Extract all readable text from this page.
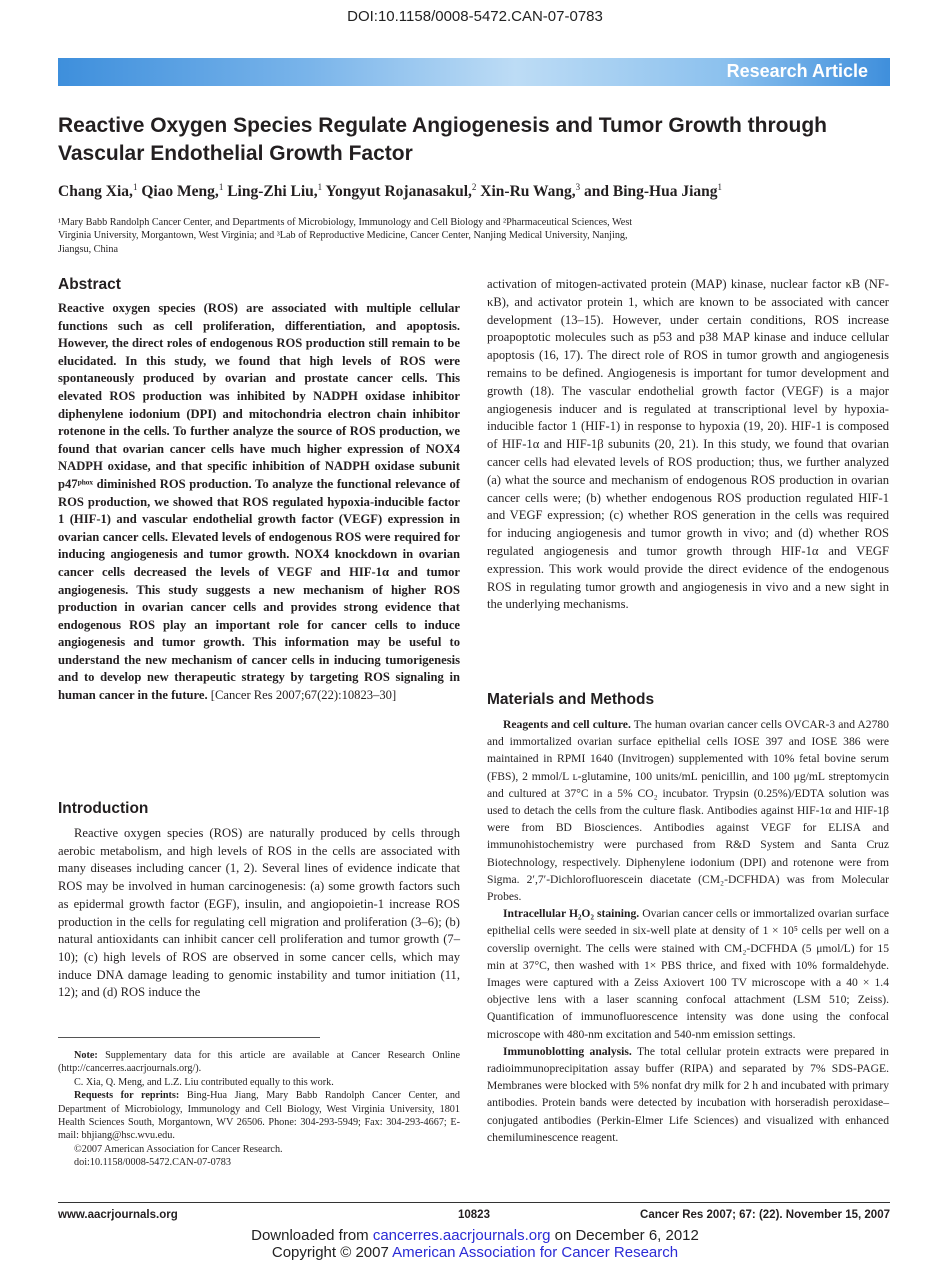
DOI:10.1158/0008-5472.CAN-07-0783
Research Article
Reactive Oxygen Species Regulate Angiogenesis and Tumor Growth through Vascular Endothelial Growth Factor
Chang Xia,$^1$ Qiao Meng,$^1$ Ling-Zhi Liu,$^1$ Yongyut Rojanasakul,$^2$ Xin-Ru Wang,$^3$ and Bing-Hua Jiang$^1$
¹Mary Babb Randolph Cancer Center, and Departments of Microbiology, Immunology and Cell Biology and ²Pharmaceutical Sciences, West Virginia University, Morgantown, West Virginia; and ³Lab of Reproductive Medicine, Cancer Center, Nanjing Medical University, Nanjing, Jiangsu, China
Abstract
Reactive oxygen species (ROS) are associated with multiple cellular functions such as cell proliferation, differentiation, and apoptosis. However, the direct roles of endogenous ROS production still remain to be elucidated. In this study, we found that high levels of ROS were spontaneously produced by ovarian and prostate cancer cells. This elevated ROS production was inhibited by NADPH oxidase inhibitor diphenylene iodonium (DPI) and mitochondria electron chain inhibitor rotenone in the cells. To further analyze the source of ROS production, we found that ovarian cancer cells have much higher expression of NOX4 NADPH oxidase, and that specific inhibition of NADPH oxidase subunit p47ᵖʰᵒˣ diminished ROS production. To analyze the functional relevance of ROS production, we showed that ROS regulated hypoxia-inducible factor 1 (HIF-1) and vascular endothelial growth factor (VEGF) expression in ovarian cancer cells. Elevated levels of endogenous ROS were required for inducing angiogenesis and tumor growth. NOX4 knockdown in ovarian cancer cells decreased the levels of VEGF and HIF-1α and tumor angiogenesis. This study suggests a new mechanism of higher ROS production in ovarian cancer cells and provides strong evidence that endogenous ROS play an important role for cancer cells to induce angiogenesis and tumor growth. This information may be useful to understand the new mechanism of cancer cells in inducing tumorigenesis and to develop new therapeutic strategy by targeting ROS signaling in human cancer in the future. [Cancer Res 2007;67(22):10823–30]
Introduction

Reactive oxygen species (ROS) are naturally produced by cells through aerobic metabolism, and high levels of ROS in the cells are associated with many diseases including cancer (1, 2). Several lines of evidence indicate that ROS may be involved in human carcinogenesis: (a) some growth factors such as epidermal growth factor (EGF), insulin, and angiopoietin-1 increase ROS production in the cells for regulating cell migration and proliferation (3–6); (b) natural antioxidants can inhibit cancer cell proliferation and tumor growth (7–10); (c) high levels of ROS are observed in some cancer cells, which may induce DNA damage leading to genomic instability and tumor initiation (11, 12); and (d) ROS induce the

Note: Supplementary data for this article are available at Cancer Research Online (http://cancerres.aacrjournals.org/).

C. Xia, Q. Meng, and L.Z. Liu contributed equally to this work.

Requests for reprints: Bing-Hua Jiang, Mary Babb Randolph Cancer Center, and Department of Microbiology, Immunology and Cell Biology, West Virginia University, 1801 Health Sciences South, Morgantown, WV 26506. Phone: 304-293-5949; Fax: 304-293-4667; E-mail: bhjiang@hsc.wvu.edu.

©2007 American Association for Cancer Research.

doi:10.1158/0008-5472.CAN-07-0783

activation of mitogen-activated protein (MAP) kinase, nuclear factor κB (NF-κB), and activator protein 1, which are known to be associated with cancer development (13–15). However, under certain conditions, ROS increase proapoptotic molecules such as p53 and p38 MAP kinase and induce cellular apoptosis (16, 17). The direct role of ROS in tumor growth and angiogenesis remains to be defined. Angiogenesis is important for tumor development and growth (18). The vascular endothelial growth factor (VEGF) is a major angiogenesis inducer and is regulated at transcriptional level by hypoxia-inducible factor 1 (HIF-1) in response to hypoxia (19, 20). HIF-1 is composed of HIF-1α and HIF-1β subunits (20, 21). In this study, we found that ovarian cancer cells had elevated levels of ROS production; thus, we further analyzed (a) what the source and mechanism of endogenous ROS production in ovarian cancer cells were; (b) whether endogenous ROS production regulated HIF-1 and VEGF expression; (c) whether ROS generation in the cells was required for inducing angiogenesis and tumor growth in vivo; and (d) whether ROS regulated angiogenesis and tumor growth through HIF-1α and VEGF expression. This work would provide the direct evidence of the endogenous ROS in regulating tumor growth and angiogenesis in vivo and a new sight in the underlying mechanisms.

Materials and Methods

Reagents and cell culture. The human ovarian cancer cells OVCAR-3 and A2780 and immortalized ovarian surface epithelial cells IOSE 397 and IOSE 386 were maintained in RPMI 1640 (Invitrogen) supplemented with 10% fetal bovine serum (FBS), 2 mmol/L ʟ-glutamine, 100 units/mL penicillin, and 100 μg/mL streptomycin and cultured at 37°C in a 5% CO₂ incubator. Trypsin (0.25%)/EDTA solution was used to detach the cells from the culture flask. Antibodies against HIF-1α and HIF-1β were from BD Biosciences. Antibodies against VEGF for ELISA and immunohistochemistry were purchased from R&D System and Santa Cruz Biotechnology, respectively. Diphenylene iodonium (DPI) and rotenone were from Sigma. 2′,7′-Dichlorofluorescein diacetate (CM₂-DCFHDA) was from Molecular Probes.

Intracellular H₂O₂ staining. Ovarian cancer cells or immortalized ovarian surface epithelial cells were seeded in six-well plate at density of 1 × 10⁵ cells per well on a coverslip overnight. The cells were stained with CM₂-DCFHDA (5 μmol/L) for 15 min at 37°C, then washed with 1× PBS thrice, and fixed with 10% formaldehyde. Images were captured with a Zeiss Axiovert 100 TV microscope with a 40 × 1.4 objective lens with a laser scanning confocal attachment (LSM 510; Zeiss). Quantification of immunofluorescence intensity was done using the confocal microscope with 480-nm excitation and 540-nm emission settings.

Immunoblotting analysis. The total cellular protein extracts were prepared in radioimmunoprecipitation assay buffer (RIPA) and separated by 7% SDS-PAGE. Membranes were blocked with 5% nonfat dry milk for 2 h and incubated with primary antibodies. Protein bands were detected by incubation with horseradish peroxidase–conjugated antibodies (Perkin-Elmer Life Sciences) and visualized with enhanced chemiluminescence reagent.

www.aacrjournals.org	10823	Cancer Res 2007; 67: (22). November 15, 2007
Downloaded from cancerres.aacrjournals.org on December 6, 2012
Copyright © 2007 American Association for Cancer Research
